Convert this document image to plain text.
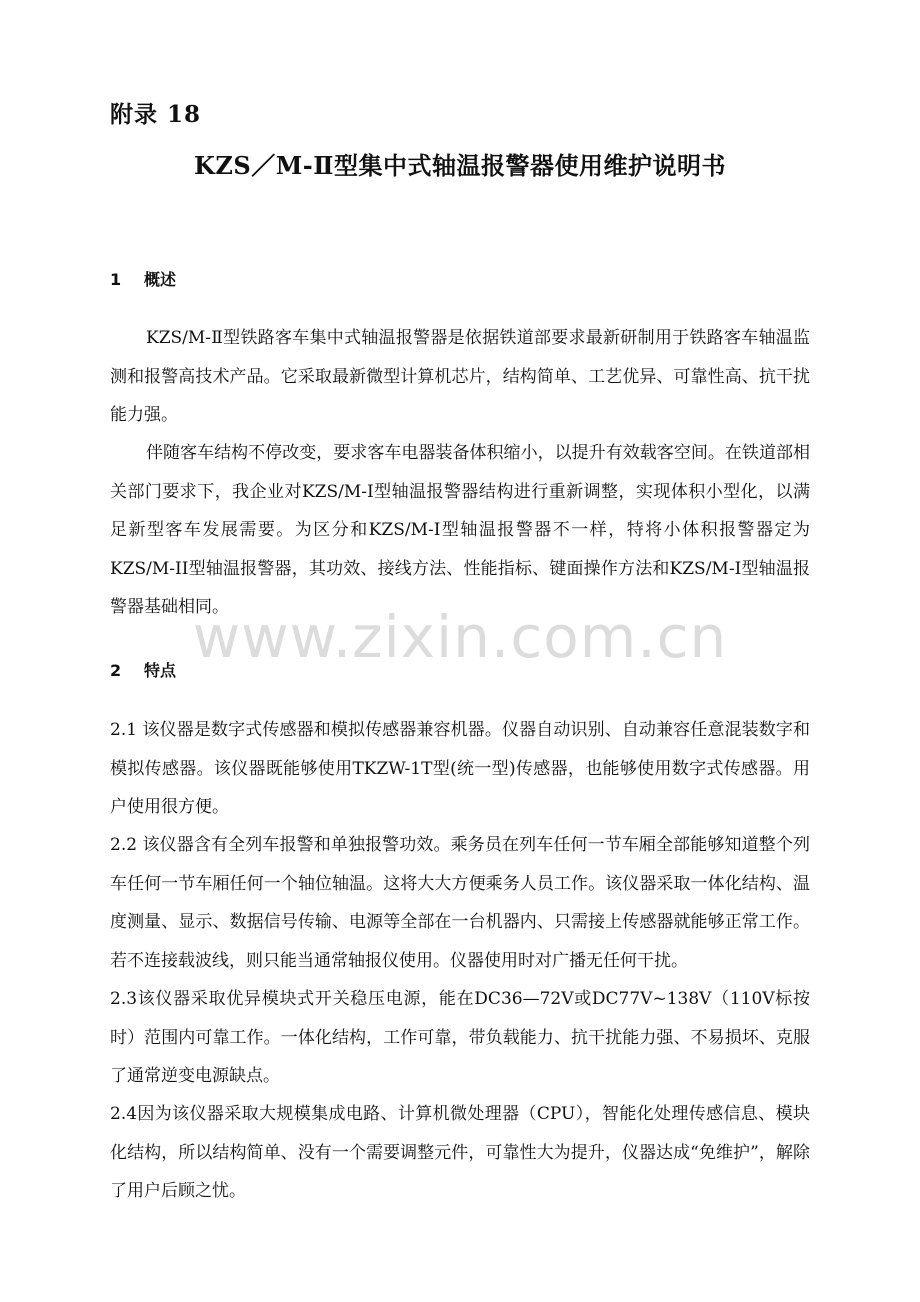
附录 18
KZS／M-Ⅱ型集中式轴温报警器使用维护说明书
1 概述

KZS/M-Ⅱ型铁路客车集中式轴温报警器是依据铁道部要求最新研制用于铁路客车轴温监测和报警高技术产品。它采取最新微型计算机芯片，结构简单、工艺优异、可靠性高、抗干扰能力强。

伴随客车结构不停改变，要求客车电器装备体积缩小，以提升有效载客空间。在铁道部相关部门要求下，我企业对KZS/M-I型轴温报警器结构进行重新调整，实现体积小型化，以满足新型客车发展需要。为区分和KZS/M-I型轴温报警器不一样，特将小体积报警器定为KZS/M-II型轴温报警器，其功效、接线方法、性能指标、键面操作方法和KZS/M-I型轴温报警器基础相同。

www.zixin.com.cn
2 特点

2.1 该仪器是数字式传感器和模拟传感器兼容机器。仪器自动识别、自动兼容任意混装数字和模拟传感器。该仪器既能够使用TKZW-1T型(统一型)传感器，也能够使用数字式传感器。用户使用很方便。

2.2 该仪器含有全列车报警和单独报警功效。乘务员在列车任何一节车厢全部能够知道整个列车任何一节车厢任何一个轴位轴温。这将大大方便乘务人员工作。该仪器采取一体化结构、温度测量、显示、数据信号传输、电源等全部在一台机器内、只需接上传感器就能够正常工作。若不连接载波线，则只能当通常轴报仪使用。仪器使用时对广播无任何干扰。

2.3该仪器采取优异模块式开关稳压电源，能在DC36—72V或DC77V~138V（110V标按时）范围内可靠工作。一体化结构，工作可靠，带负载能力、抗干扰能力强、不易损坏、克服了通常逆变电源缺点。

2.4因为该仪器采取大规模集成电路、计算机微处理器（CPU），智能化处理传感信息、模块化结构，所以结构简单、没有一个需要调整元件，可靠性大为提升，仪器达成“免维护”，解除了用户后顾之忧。
